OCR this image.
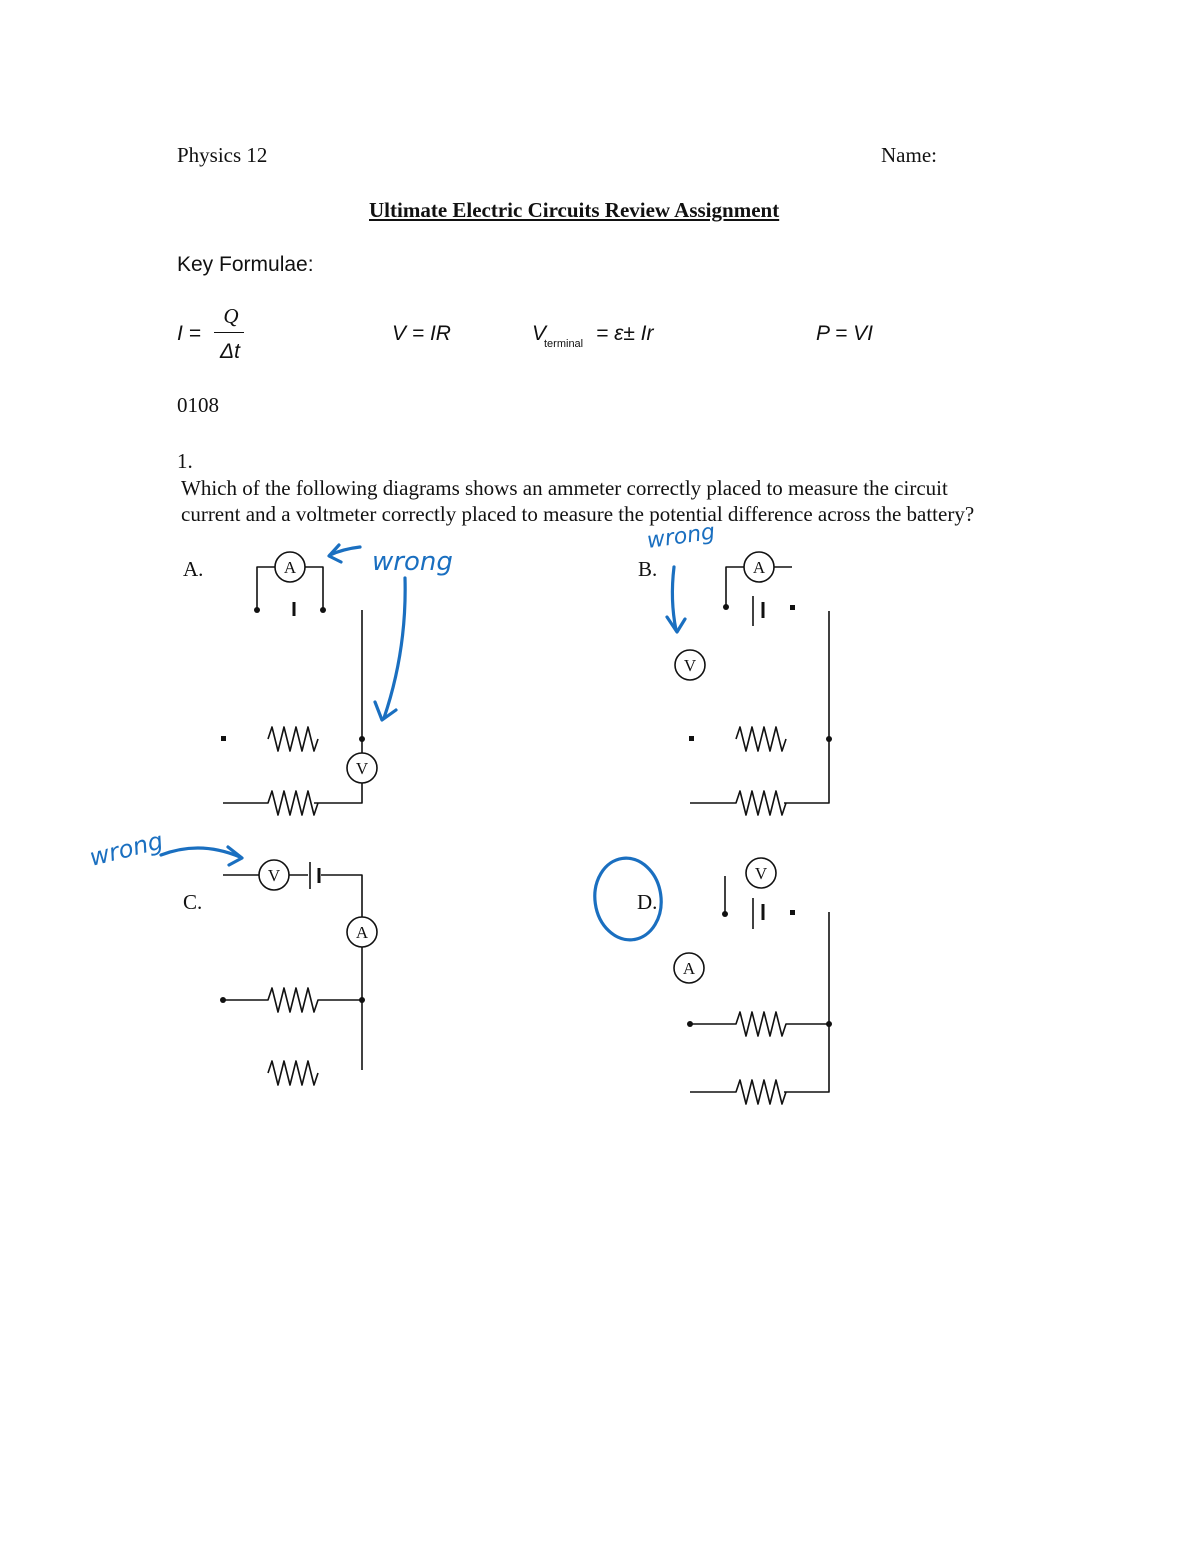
Physics 12	Name:
Ultimate Electric Circuits Review Assignment
Key Formulae:
I =
Q
Δt
V = IR	V
terminal = ε± Ir	P = VI
0108
1.
Which of the following diagrams shows an ammeter correctly placed to measure the circuit
current and a voltmeter correctly placed to measure the potential difference across the battery?
A.	B.
C.	D.
A
V
A
V
V
A
V
A
wrong
wrong
wrong
